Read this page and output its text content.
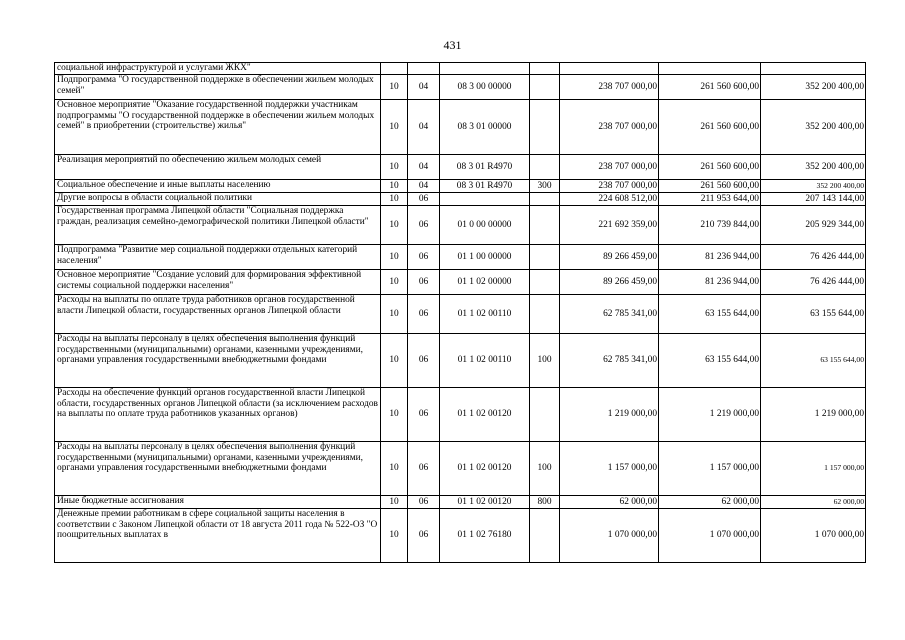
431
социальной инфраструктурой и услугами ЖКХ"							
Подпрограмма "О государственной поддержке в обеспечении жильем молодых семей"	10	04	08 3 00 00000		238 707 000,00	261 560 600,00	352 200 400,00
Основное мероприятие "Оказание государственной поддержки участникам подпрограммы "О государственной поддержке в обеспечении жильем молодых семей" в приобретении (строительстве) жилья"	10	04	08 3 01 00000		238 707 000,00	261 560 600,00	352 200 400,00
Реализация мероприятий по обеспечению жильем молодых семей	10	04	08 3 01 R4970		238 707 000,00	261 560 600,00	352 200 400,00
Социальное обеспечение и иные выплаты населению	10	04	08 3 01 R4970	300	238 707 000,00	261 560 600,00	352 200 400,00
Другие вопросы в области социальной политики	10	06			224 608 512,00	211 953 644,00	207 143 144,00
Государственная программа Липецкой области "Социальная поддержка граждан, реализация семейно-демографической политики Липецкой области"	10	06	01 0 00 00000		221 692 359,00	210 739 844,00	205 929 344,00
Подпрограмма "Развитие мер социальной поддержки отдельных категорий населения"	10	06	01 1 00 00000		89 266 459,00	81 236 944,00	76 426 444,00
Основное мероприятие "Создание условий для формирования эффективной системы социальной поддержки населения"	10	06	01 1 02 00000		89 266 459,00	81 236 944,00	76 426 444,00
Расходы на выплаты по оплате труда работников органов государственной власти Липецкой области, государственных органов Липецкой области	10	06	01 1 02 00110		62 785 341,00	63 155 644,00	63 155 644,00
Расходы на выплаты персоналу в целях обеспечения выполнения функций государственными (муниципальными) органами, казенными учреждениями, органами управления государственными внебюджетными фондами	10	06	01 1 02 00110	100	62 785 341,00	63 155 644,00	63 155 644,00
Расходы на обеспечение функций органов государственной власти Липецкой области, государственных органов Липецкой области (за исключением расходов на выплаты по оплате труда работников указанных органов)	10	06	01 1 02 00120		1 219 000,00	1 219 000,00	1 219 000,00
Расходы на выплаты персоналу в целях обеспечения выполнения функций государственными (муниципальными) органами, казенными учреждениями, органами управления государственными внебюджетными фондами	10	06	01 1 02 00120	100	1 157 000,00	1 157 000,00	1 157 000,00
Иные бюджетные ассигнования	10	06	01 1 02 00120	800	62 000,00	62 000,00	62 000,00
Денежные премии работникам в сфере социальной защиты населения в соответствии с Законом Липецкой области от 18 августа 2011 года № 522-ОЗ "О поощрительных выплатах в	10	06	01 1 02 76180		1 070 000,00	1 070 000,00	1 070 000,00
